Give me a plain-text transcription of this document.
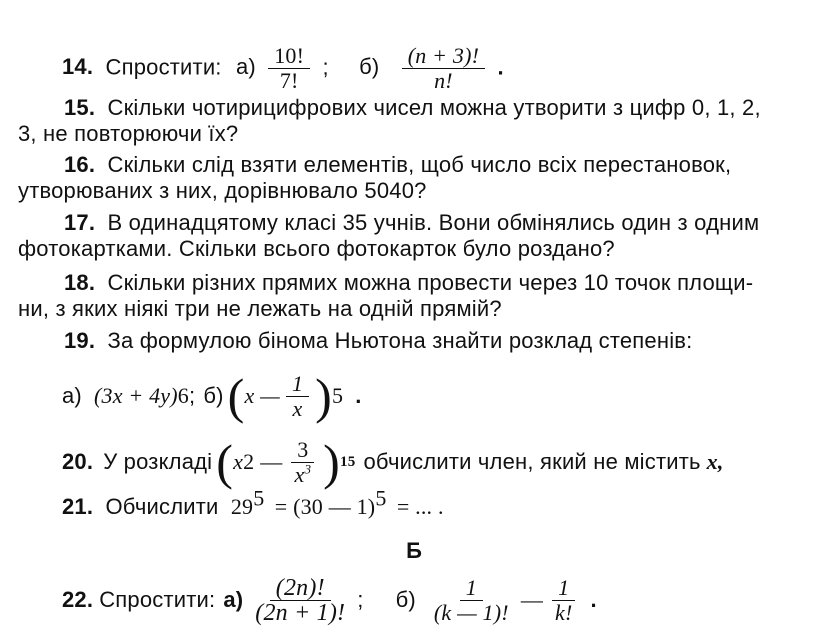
14. Спростити: $а) \frac{10!}{7!}$ ; $б) \frac{(n + 3)!}{n!}$ .
15. Скільки чотирицифрових чисел можна утворити з цифр 0, 1, 2,
3, не повторюючи їх?
16. Скільки слід взяти елементів, щоб число всіх перестановок,
утворюваних з них, дорівнювало 5040?
17. В одинадцятому класі 35 учнів. Вони обмінялись один з одним
фотокартками. Скільки всього фотокарток було роздано?
18. Скільки різних прямих можна провести через 10 точок площи-
ни, з яких ніякі три не лежать на одній прямій?
19. За формулою бінома Ньютона знайти розклад степенів:
а) (3x + 4y) 6 ; б) ( x — $\frac{1}{x}$ ) 5 .
20. У розкладі ( x 2 — $\frac{3}{x^3}$ ) 15 обчислити член, який не містить x,
21. Обчислити $29^5 = (30$ — 1)$^5$ = ... .
Б
22. Спростити: $а) \frac{(2n)!}{(2n + 1)!}$ ; $б) \frac{1}{(k — 1)!}$ — $\frac{1}{k!}$ .
